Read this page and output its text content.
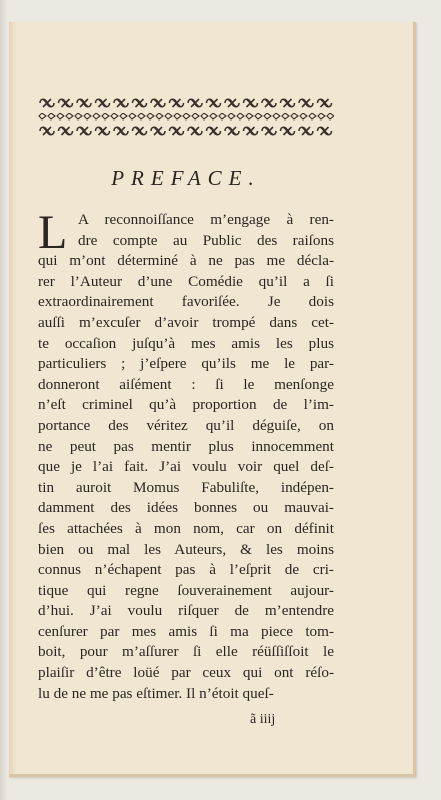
PREFACE.
L A reconnoiſſance m’engage à ren-
dre compte au Public des raiſons
qui m’ont déterminé à ne pas me décla-
rer l’Auteur d’une Comédie qu’il a ſi
extraordinairement favoriſée. Je dois
auſſi m’excuſer d’avoir trompé dans cet-
te occaſion juſqu’à mes amis les plus
particuliers ; j’eſpere qu’ils me le par-
donneront aiſément : ſi le menſonge
n’eſt criminel qu’à proportion de l’im-
portance des véritez qu’il déguiſe, on
ne peut pas mentir plus innocemment
que je l’ai fait. J’ai voulu voir quel deſ-
tin auroit Momus Fabuliſte, indépen-
damment des idées bonnes ou mauvai-
ſes attachées à mon nom, car on définit
bien ou mal les Auteurs, & les moins
connus n’échapent pas à l’eſprit de cri-
tique qui regne ſouverainement aujour-
d’hui. J’ai voulu riſquer de m’entendre
cenſurer par mes amis ſi ma piece tom-
boit, pour m’aſſurer ſi elle réüſſiſſoit le
plaiſir d’être loüé par ceux qui ont réſo-
lu de ne me pas eſtimer. Il n’étoit queſ-
ã iiij
